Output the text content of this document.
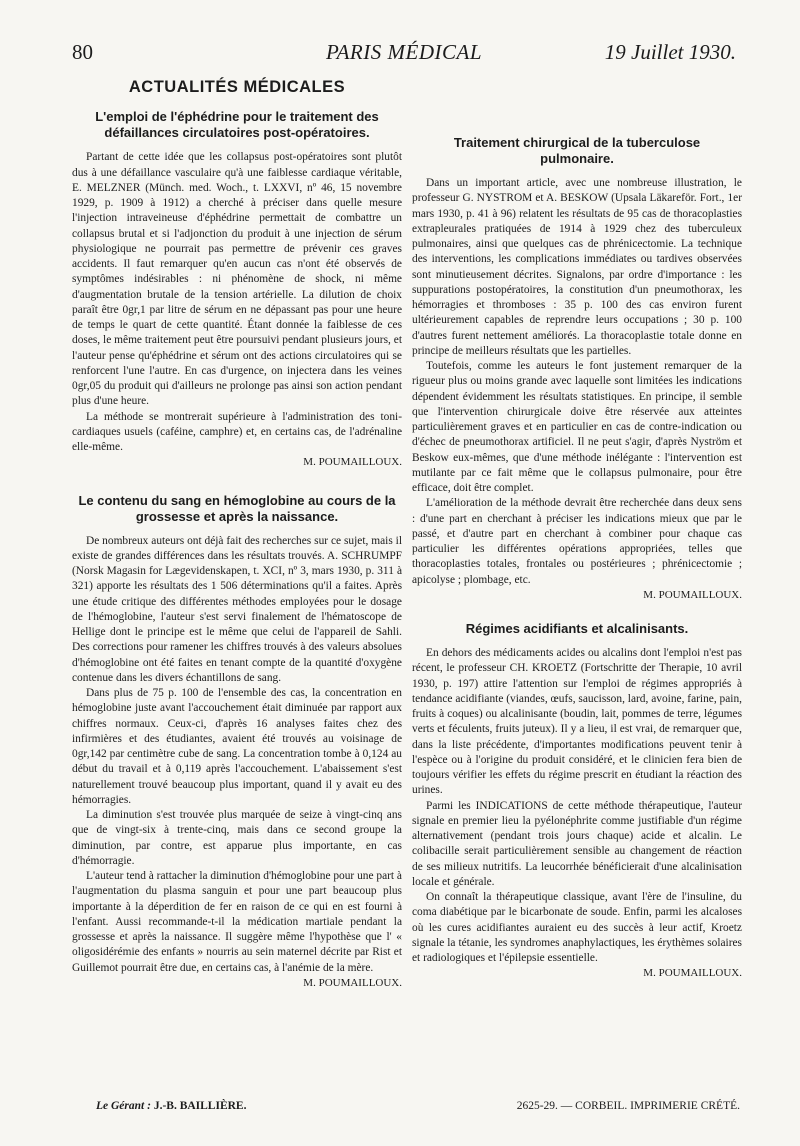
80	PARIS MÉDICAL	19 Juillet 1930.
ACTUALITÉS MÉDICALES
L'emploi de l'éphédrine pour le traitement des défaillances circulatoires post-opératoires.

Partant de cette idée que les collapsus post-opératoires sont plutôt dus à une défaillance vasculaire qu'à une faiblesse cardiaque véritable, E. MELZNER (Münch. med. Woch., t. LXXVI, nº 46, 15 novembre 1929, p. 1909 à 1912) a cherché à préciser dans quelle mesure l'injection intraveineuse d'éphédrine permettait de combattre un collapsus brutal et si l'adjonction du produit à une injection de sérum physiologique ne pourrait pas permettre de prévenir ces graves accidents. Il faut remarquer qu'en aucun cas n'ont été observés de symptômes indésirables : ni phénomène de shock, ni même d'augmentation brutale de la tension artérielle. La dilution de choix paraît être 0gr,1 par litre de sérum en ne dépassant pas pour une heure de temps le quart de cette quantité. Étant donnée la faiblesse de ces doses, le même traitement peut être poursuivi pendant plusieurs jours, et l'auteur pense qu'éphédrine et sérum ont des actions circulatoires qui se renforcent l'une l'autre. En cas d'urgence, on injectera dans les veines 0gr,05 du produit qui d'ailleurs ne prolonge pas ainsi son action pendant plus d'une heure.

La méthode se montrerait supérieure à l'administration des toni-cardiaques usuels (caféine, camphre) et, en certains cas, de l'adrénaline elle-même.

M. POUMAILLOUX.

Le contenu du sang en hémoglobine au cours de la grossesse et après la naissance.

De nombreux auteurs ont déjà fait des recherches sur ce sujet, mais il existe de grandes différences dans les résultats trouvés. A. SCHRUMPF (Norsk Magasin for Lægevidenskapen, t. XCI, nº 3, mars 1930, p. 311 à 321) apporte les résultats des 1 506 déterminations qu'il a faites. Après une étude critique des différentes méthodes employées pour le dosage de l'hémoglobine, l'auteur s'est servi finalement de l'hématoscope de Hellige dont le principe est le même que celui de l'appareil de Sahli. Des corrections pour ramener les chiffres trouvés à des valeurs absolues d'hémoglobine ont été faites en tenant compte de la quantité d'oxygène contenue dans les divers échantillons de sang.

Dans plus de 75 p. 100 de l'ensemble des cas, la concentration en hémoglobine juste avant l'accouchement était diminuée par rapport aux chiffres normaux. Ceux-ci, d'après 16 analyses faites chez des infirmières et des étudiantes, avaient été trouvés au voisinage de 0gr,142 par centimètre cube de sang. La concentration tombe à 0,124 au début du travail et à 0,119 après l'accouchement. L'abaissement s'est naturellement trouvé beaucoup plus important, quand il y avait eu des hémorragies.

La diminution s'est trouvée plus marquée de seize à vingt-cinq ans que de vingt-six à trente-cinq, mais dans ce second groupe la diminution, par contre, est apparue plus importante, en cas d'hémorragie.

L'auteur tend à rattacher la diminution d'hémoglobine pour une part à l'augmentation du plasma sanguin et pour une part beaucoup plus importante à la déperdition de fer en raison de ce qui en est fourni à l'enfant. Aussi recommande-t-il la médication martiale pendant la grossesse et après la naissance. Il suggère même l'hypothèse que l' « oligosidérémie des enfants » nourris au sein maternel décrite par Rist et Guillemot pourrait être due, en certains cas, à l'anémie de la mère.

M. POUMAILLOUX.

Traitement chirurgical de la tuberculose pulmonaire.

Dans un important article, avec une nombreuse illustration, le professeur G. NYSTROM et A. BESKOW (Upsala Läkareför. Fort., 1er mars 1930, p. 41 à 96) relatent les résultats de 95 cas de thoracoplasties extrapleurales pratiquées de 1914 à 1929 chez des tuberculeux pulmonaires, ainsi que quelques cas de phrénicectomie. La technique des interventions, les complications immédiates ou tardives observées sont minutieusement décrites. Signalons, par ordre d'importance : les suppurations postopératoires, la constitution d'un pneumothorax, les hémorragies et thromboses : 35 p. 100 des cas environ furent ultérieurement capables de reprendre leurs occupations ; 30 p. 100 d'autres furent nettement améliorés. La thoracoplastie totale donne en principe de meilleurs résultats que les partielles.

Toutefois, comme les auteurs le font justement remarquer de la rigueur plus ou moins grande avec laquelle sont limitées les indications dépendent évidemment les résultats statistiques. En principe, il semble que l'intervention chirurgicale doive être réservée aux atteintes particulièrement graves et en particulier en cas de contre-indication ou d'échec de pneumothorax artificiel. Il ne peut s'agir, d'après Nyström et Beskow eux-mêmes, que d'une méthode inélégante : l'intervention est mutilante par ce fait même que le collapsus pulmonaire, pour être efficace, doit être complet.

L'amélioration de la méthode devrait être recherchée dans deux sens : d'une part en cherchant à préciser les indications mieux que par le passé, et d'autre part en cherchant à combiner pour chaque cas particulier les différentes opérations appropriées, telles que thoracoplasties totales, frontales ou postérieures ; phrénicectomie ; apicolyse ; plombage, etc.

M. POUMAILLOUX.

Régimes acidifiants et alcalinisants.

En dehors des médicaments acides ou alcalins dont l'emploi n'est pas récent, le professeur CH. KROETZ (Fortschritte der Therapie, 10 avril 1930, p. 197) attire l'attention sur l'emploi de régimes appropriés à tendance acidifiante (viandes, œufs, saucisson, lard, avoine, farine, pain, fruits à coques) ou alcalinisante (boudin, lait, pommes de terre, légumes verts et féculents, fruits juteux). Il y a lieu, il est vrai, de remarquer que, dans la liste précédente, d'importantes modifications peuvent tenir à l'espèce ou à l'origine du produit considéré, et le clinicien fera bien de toujours vérifier les effets du régime prescrit en étudiant la réaction des urines.

Parmi les INDICATIONS de cette méthode thérapeutique, l'auteur signale en premier lieu la pyélonéphrite comme justifiable d'un régime alternativement (pendant trois jours chaque) acide et alcalin. Le colibacille serait particulièrement sensible au changement de réaction de ses milieux nutritifs. La leucorrhée bénéficierait d'une alcalinisation locale et générale.

On connaît la thérapeutique classique, avant l'ère de l'insuline, du coma diabétique par le bicarbonate de soude. Enfin, parmi les alcaloses où les cures acidifiantes auraient eu des succès à leur actif, Kroetz signale la tétanie, les syndromes anaphylactiques, les érythèmes solaires et radiologiques et l'épilepsie essentielle.

M. POUMAILLOUX.

Le Gérant : J.-B. BAILLIÈRE.	2625-29. — CORBEIL. IMPRIMERIE CRÉTÉ.
